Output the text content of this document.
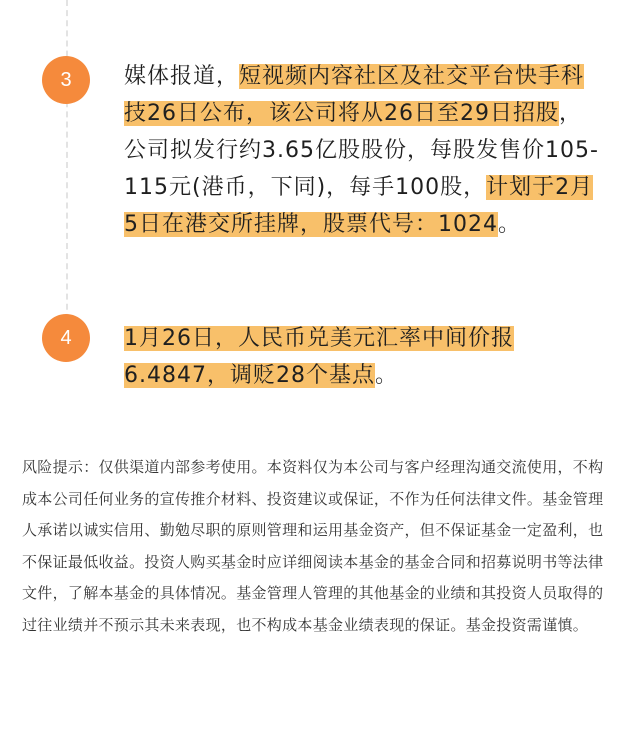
3	媒体报道，短视频内容社区及社交平台快手科技26日公布，该公司将从26日至29日招股，公司拟发行约3.65亿股股份，每股发售价105-115元(港币，下同)，每手100股，计划于2月5日在港交所挂牌，股票代号：1024。

4	1月26日，人民币兑美元汇率中间价报6.4847，调贬28个基点。

风险提示：仅供渠道内部参考使用。本资料仅为本公司与客户经理沟通交流使用，不构成本公司任何业务的宣传推介材料、投资建议或保证，不作为任何法律文件。基金管理人承诺以诚实信用、勤勉尽职的原则管理和运用基金资产，但不保证基金一定盈利，也不保证最低收益。投资人购买基金时应详细阅读本基金的基金合同和招募说明书等法律文件，了解本基金的具体情况。基金管理人管理的其他基金的业绩和其投资人员取得的过往业绩并不预示其未来表现，也不构成本基金业绩表现的保证。基金投资需谨慎。
